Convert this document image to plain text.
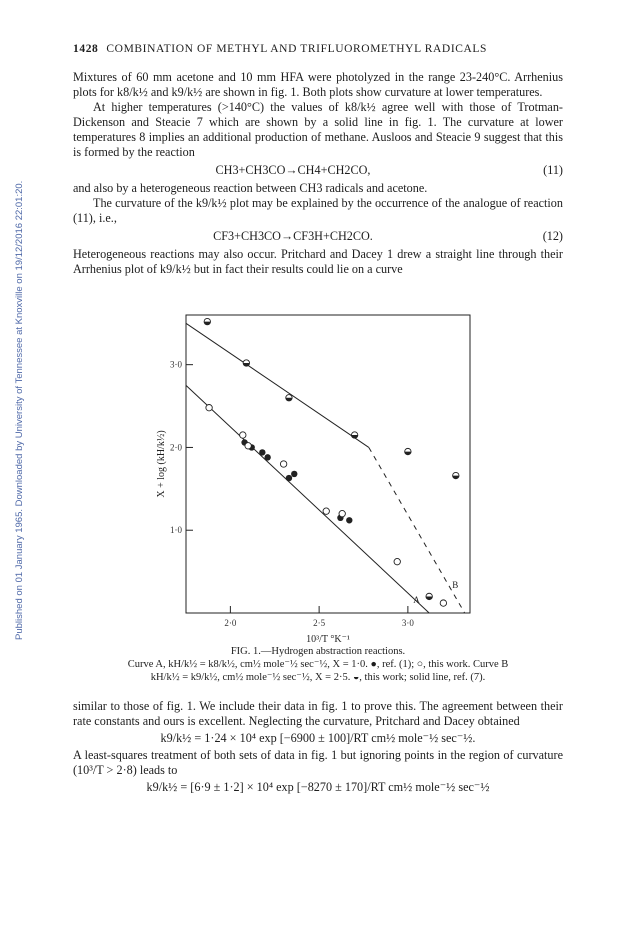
Published on 01 January 1965. Downloaded by University of Tennessee at Knoxville on 19/12/2016 22:01:20.
1428 COMBINATION OF METHYL AND TRIFLUOROMETHYL RADICALS

Mixtures of 60 mm acetone and 10 mm HFA were photolyzed in the range 23-240°C. Arrhenius plots for k8/k½ and k9/k½ are shown in fig. 1. Both plots show curvature at lower temperatures.

At higher temperatures (>140°C) the values of k8/k½ agree well with those of Trotman-Dickenson and Steacie 7 which are shown by a solid line in fig. 1. The curvature at lower temperatures 8 implies an additional production of methane. Ausloos and Steacie 9 suggest that this is formed by the reaction

CH3+CH3CO→CH4+CH2CO,	(11)

and also by a heterogeneous reaction between CH3 radicals and acetone.

The curvature of the k9/k½ plot may be explained by the occurrence of the analogue of reaction (11), i.e.,

CF3+CH3CO→CF3H+CH2CO.	(12)

Heterogeneous reactions may also occur. Pritchard and Dacey 1 drew a straight line through their Arrhenius plot of k9/k½ but in fact their results could lie on a curve

2·0	2·5	3·0
1·0
2·0
3·0
10³/T °K⁻¹
X + log (kH/k½)
A
B
FIG. 1.—Hydrogen abstraction reactions.
Curve A, kH/k½ = k8/k½, cm½ mole⁻½ sec⁻½, X = 1·0. ●, ref. (1); ○, this work. Curve B
kH/k½ = k9/k½, cm½ mole⁻½ sec⁻½, X = 2·5. ◒, this work; solid line, ref. (7).

similar to those of fig. 1. We include their data in fig. 1 to prove this. The agreement between their rate constants and ours is excellent. Neglecting the curvature, Pritchard and Dacey obtained

k9/k½ = 1·24 × 10⁴ exp [−6900 ± 100]/RT cm½ mole⁻½ sec⁻½.

A least-squares treatment of both sets of data in fig. 1 but ignoring points in the region of curvature (10³/T > 2·8) leads to

k9/k½ = [6·9 ± 1·2] × 10⁴ exp [−8270 ± 170]/RT cm½ mole⁻½ sec⁻½
